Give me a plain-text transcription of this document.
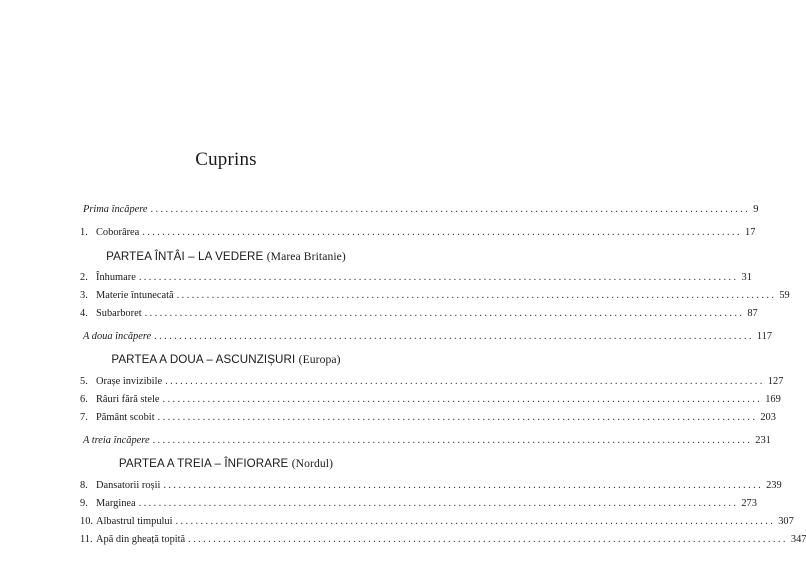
Cuprins
Prima încăpere ........................................................................................................................ 9
1. Coborârea ........................................................................................................................ 17
PARTEA ÎNTÂI – LA VEDERE (Marea Britanie)
2. Înhumare ........................................................................................................................ 31
3. Materie întunecată ........................................................................................................................ 59
4. Subarboret ........................................................................................................................ 87
A doua încăpere ........................................................................................................................ 117
PARTEA A DOUA – ASCUNZIȘURI (Europa)
5. Orașe invizibile ........................................................................................................................ 127
6. Râuri fără stele ........................................................................................................................ 169
7. Pământ scobit ........................................................................................................................ 203
A treia încăpere ........................................................................................................................ 231
PARTEA A TREIA – ÎNFIORARE (Nordul)
8. Dansatorii roșii ........................................................................................................................ 239
9. Marginea ........................................................................................................................ 273
10. Albastrul timpului ........................................................................................................................ 307
11. Apă din gheață topită ........................................................................................................................ 347
